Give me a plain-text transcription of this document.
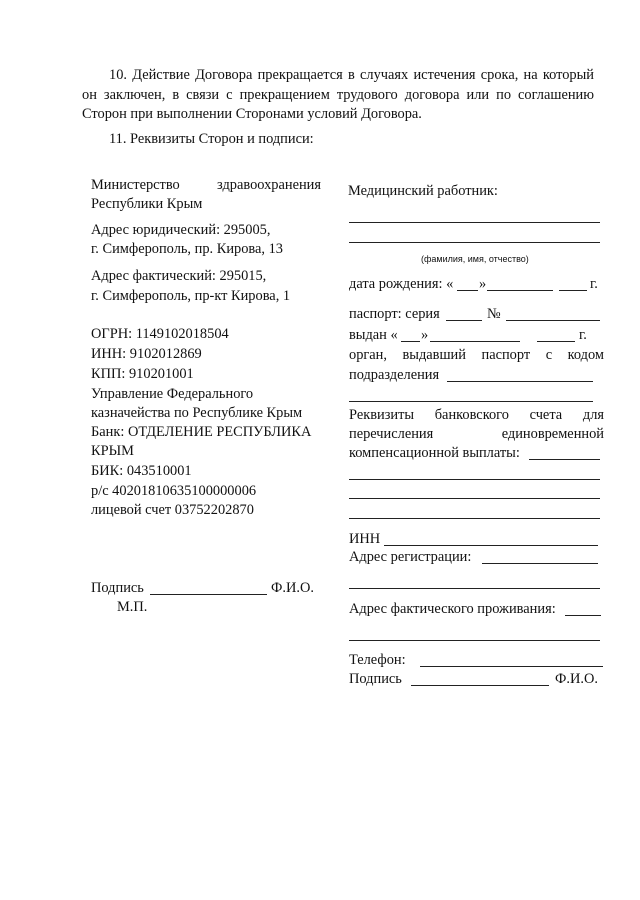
10. Действие Договора прекращается в случаях истечения срока, на который
он заключен, в связи с прекращением трудового договора или по соглашению
Сторон при выполнении Сторонами условий Договора.
11. Реквизиты Сторон и подписи:
Министерство здравоохранения
Республики Крым
Адрес юридический: 295005,
г. Симферополь, пр. Кирова, 13
Адрес фактический: 295015,
г. Симферополь, пр-кт Кирова, 1
ОГРН: 1149102018504
ИНН: 9102012869
КПП: 910201001
Управление Федерального
казначейства по Республике Крым
Банк: ОТДЕЛЕНИЕ РЕСПУБЛИКА
КРЫМ
БИК: 043510001
р/с 40201810635100000006
лицевой счет 03752202870
Подпись	Ф.И.О.
М.П.
Медицинский работник:
(фамилия, имя, отчество)
дата рождения: « »	г.
паспорт: серия	№
выдан « »	г.
орган, выдавший паспорт с кодом
подразделения
Реквизиты банковского счета для
перечисления единовременной
компенсационной выплаты:
ИНН
Адрес регистрации:
Адрес фактического проживания:
Телефон:
Подпись	Ф.И.О.
